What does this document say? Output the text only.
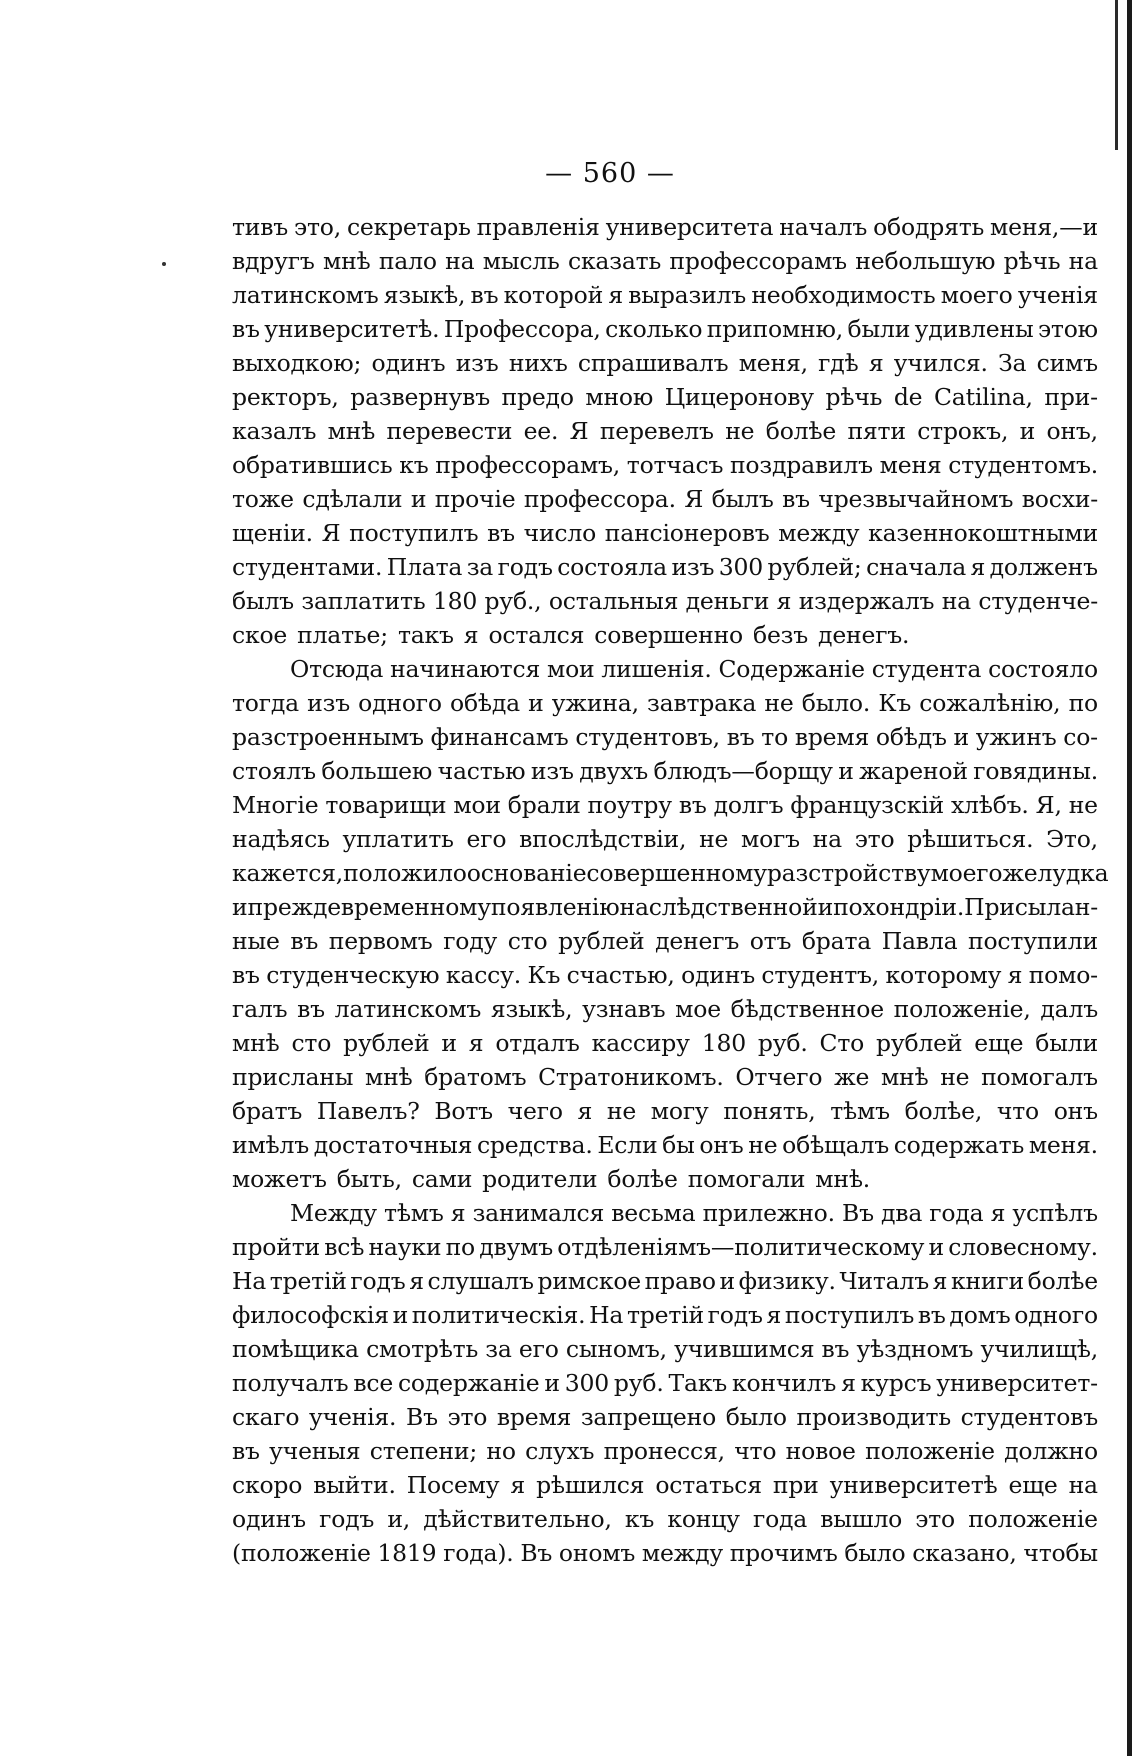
— 560 —
тивъ это, секретарь правленія университета началъ ободрять меня,—и
вдругъ мнѣ пало на мысль сказать профессорамъ небольшую рѣчь на
латинскомъ языкѣ, въ которой я выразилъ необходимость моего ученія
въ университетѣ. Профессора, сколько припомню, были удивлены этою
выходкою; одинъ изъ нихъ спрашивалъ меня, гдѣ я учился. За симъ
ректоръ, развернувъ предо мною Цицеронову рѣчь de Catilina, при-
казалъ мнѣ перевести ее. Я перевелъ не болѣе пяти строкъ, и онъ,
обратившись къ профессорамъ, тотчасъ поздравилъ меня студентомъ.
тоже сдѣлали и прочіе профессора. Я былъ въ чрезвычайномъ восхи-
щеніи. Я поступилъ въ число пансіонеровъ между казеннокоштными
студентами. Плата за годъ состояла изъ 300 рублей; сначала я долженъ
былъ заплатить 180 руб., остальныя деньги я издержалъ на студенче-
ское платье; такъ я остался совершенно безъ денегъ.
Отсюда начинаются мои лишенія. Содержаніе студента состояло
тогда изъ одного обѣда и ужина, завтрака не было. Къ сожалѣнію, по
разстроеннымъ финансамъ студентовъ, въ то время обѣдъ и ужинъ со-
стоялъ большею частью изъ двухъ блюдъ—борщу и жареной говядины.
Многіе товарищи мои брали поутру въ долгъ французскій хлѣбъ. Я, не
надѣясь уплатить его впослѣдствіи, не могъ на это рѣшиться. Это,
кажется, положило основаніе совершенному разстройству моего желудка
и преждевременному появленію наслѣдственной ипохондріи. Присылан-
ные въ первомъ году сто рублей денегъ отъ брата Павла поступили
въ студенческую кассу. Къ счастью, одинъ студентъ, которому я помо-
галъ въ латинскомъ языкѣ, узнавъ мое бѣдственное положеніе, далъ
мнѣ сто рублей и я отдалъ кассиру 180 руб. Сто рублей еще были
присланы мнѣ братомъ Стратоникомъ. Отчего же мнѣ не помогалъ
братъ Павелъ? Вотъ чего я не могу понять, тѣмъ болѣе, что онъ
имѣлъ достаточныя средства. Если бы онъ не обѣщалъ содержать меня.
можетъ быть, сами родители болѣе помогали мнѣ.
Между тѣмъ я занимался весьма прилежно. Въ два года я успѣлъ
пройти всѣ науки по двумъ отдѣленіямъ—политическому и словесному.
На третій годъ я слушалъ римское право и физику. Читалъ я книги болѣе
философскія и политическія. На третій годъ я поступилъ въ домъ одного
помѣщика смотрѣть за его сыномъ, учившимся въ уѣздномъ училищѣ,
получалъ все содержаніе и 300 руб. Такъ кончилъ я курсъ университет-
скаго ученія. Въ это время запрещено было производить студентовъ
въ ученыя степени; но слухъ пронесся, что новое положеніе должно
скоро выйти. Посему я рѣшился остаться при университетѣ еще на
одинъ годъ и, дѣйствительно, къ концу года вышло это положеніе
(положеніе 1819 года). Въ ономъ между прочимъ было сказано, чтобы
